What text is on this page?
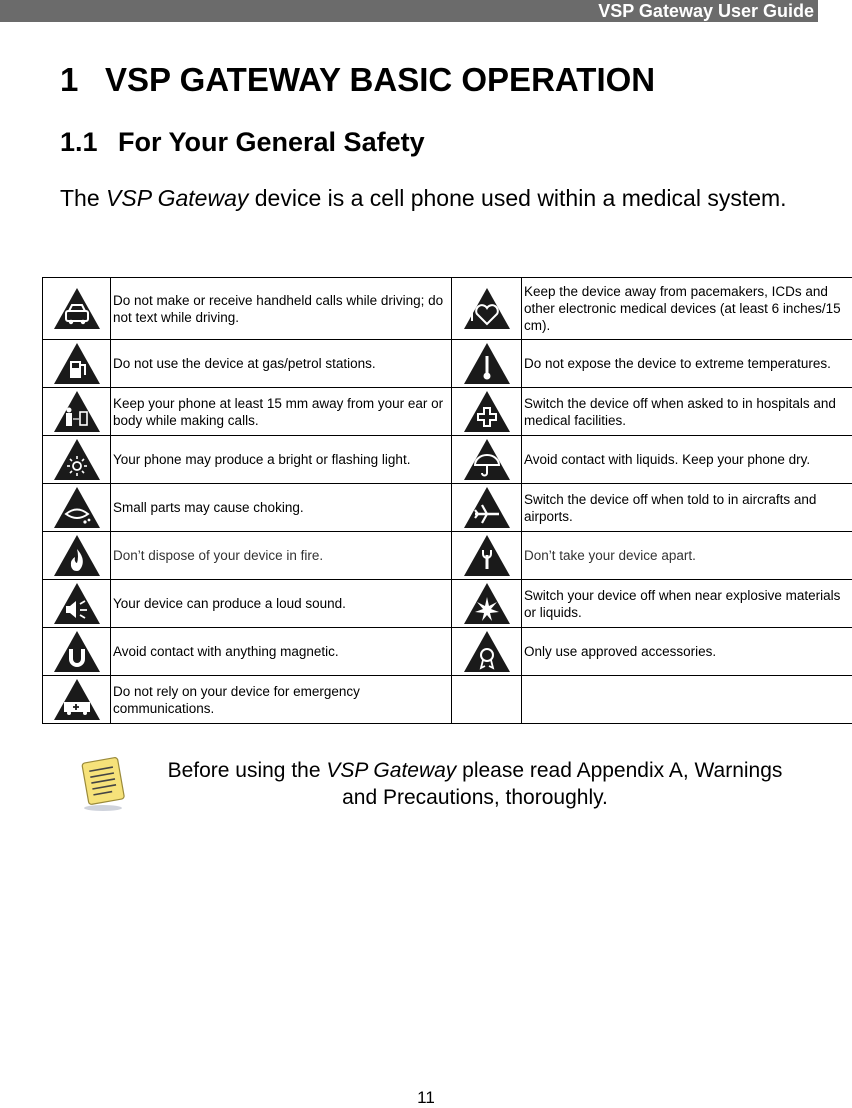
VSP Gateway User Guide
1 VSP GATEWAY BASIC OPERATION
1.1 For Your General Safety

The VSP Gateway device is a cell phone used within a medical system.

	Do not make or receive handheld calls while driving; do not text while driving.		Keep the device away from pacemakers, ICDs and other electronic medical devices (at least 6 inches/15 cm).

	Do not use the device at gas/petrol stations.		Do not expose the device to extreme temperatures.

	Keep your phone at least 15 mm away from your ear or body while making calls.		Switch the device off when asked to in hospitals and medical facilities.

	Your phone may produce a bright or flashing light.		Avoid contact with liquids. Keep your phone dry.

	Small parts may cause choking.		Switch the device off when told to in aircrafts and airports.

	Don’t dispose of your device in fire.		Don’t take your device apart.

	Your device can produce a loud sound.		Switch your device off when near explosive materials or liquids.

	Avoid contact with anything magnetic.		Only use approved accessories.

	Do not rely on your device for emergency communications.		

Before using the VSP Gateway please read Appendix A, Warnings and Precautions, thoroughly.

11
